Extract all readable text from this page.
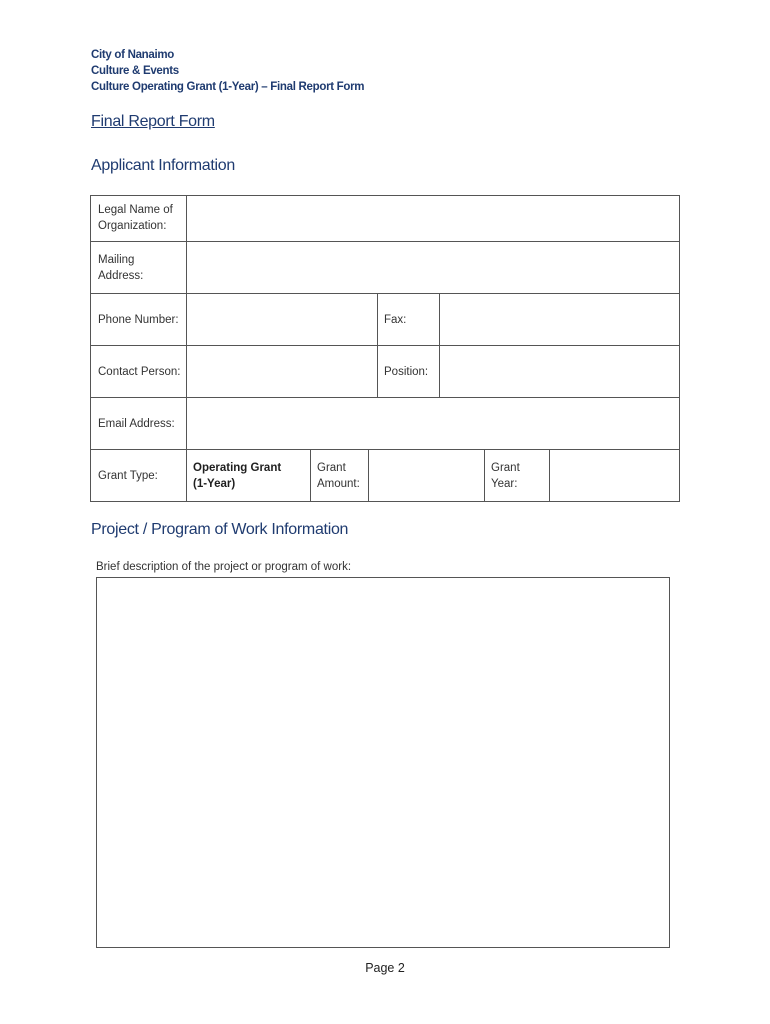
City of Nanaimo
Culture & Events
Culture Operating Grant (1-Year) – Final Report Form
Final Report Form
Applicant Information
Legal Name of
Organization:
Mailing
Address:
Phone Number:	Fax:
Contact Person:	Position:
Email Address:
Grant Type:
Operating Grant
(1-Year)
Grant
Amount:
Grant
Year:
Project / Program of Work Information
Brief description of the project or program of work:
Page 2
